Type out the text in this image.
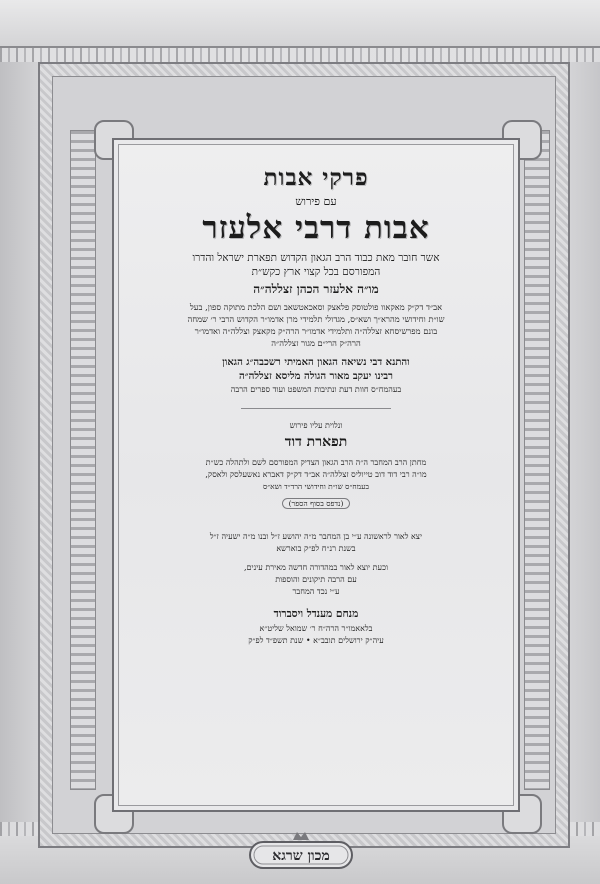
פרקי אבות
עם פירוש
אבות דרבי אלעזר
אשר חובר מאת כבוד הרב הגאון הקדוש תפארת ישראל והדרו
המפורסם בכל קצוי ארץ כקש״ת
מו״ה אלעזר הכהן זצללה״ה
אב״ד דק״ק מאקאוו פולטוסק פלאצק וסאכאטשאב ושם הלכת מתוקה ספון, בעל
שו״ת וחידושי מהרא״ך ושא״ס, מגדולי תלמידי מרן אדמו״ר הקדוש הרבי ר׳ שמחה
בונם מפרשיסחא זצללה״ה ותלמידי אדמו״ר הרה״ק מקאצק וצללה״ה ואדמו״ר
הרה״ק הרי״ם מגור זצללה״ה
והתנא דבי נשיאה הגאון האמיתי רשכבה״ג הגאון
רבינו יעקב מאור הגולה מליסא זצללה״ה
בעהמח״ס חוות דעת ונתיבות המשפט ועוד ספרים הרבה
ונלוית עליו פירוש
תפארת דוד
מחתן הרב המחבר ה״ה הרב הגאון הצדיק המפורסם לשם ולתהלה כש״ת
מו״ה רבי דוד דוב טייוליס זצללה״ה אב״ד דק״ק דאברא נאשעלסק ולאסק,
בעמח״ס שו״ת וחידושי הרד״ד ושא״ס
(נדפס בסוף הספר)
יצא לאור לראשונה ע״י בן המחבר מ״ה יהושע ז״ל ובנו מ״ה ישעיה ז״ל
בשנת רנ״ח לפ״ק בוארשא
וכעת יוצא לאור במהדורה חדשה מאירת עינים,
עם הרבה תיקונים והוספות
ע״י נכד המחבר
מנחם מענדל ויסברוד
בלאאמו״ר הרה״ח ר׳ שמואל שליט״א
עיה״ק ירושלים תובב״א • שנת תשפ״ד לפ״ק
מכון שרגא
